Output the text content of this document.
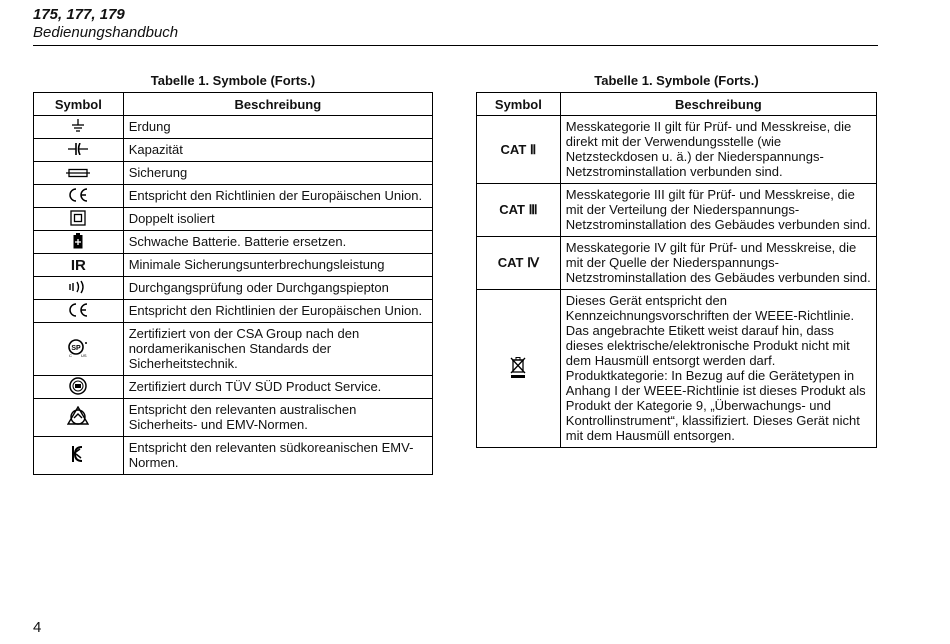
175, 177, 179
Bedienungshandbuch
Tabelle 1. Symbole (Forts.)
Symbol	Beschreibung
	Erdung
	Kapazität
	Sicherung
	Entspricht den Richtlinien der Europäischen Union.
	Doppelt isoliert
	Schwache Batterie. Batterie ersetzen.
IR	Minimale Sicherungsunterbrechungsleistung
	Durchgangsprüfung oder Durchgangspiepton
	Entspricht den Richtlinien der Europäischen Union.

SP
C US	Zertifiziert von der CSA Group nach den nordamerikanischen Standards der Sicherheitstechnik.
	Zertifiziert durch TÜV SÜD Product Service.
	Entspricht den relevanten australischen Sicherheits- und EMV-Normen.
	Entspricht den relevanten südkoreanischen EMV-Normen.
Tabelle 1. Symbole (Forts.)
Symbol	Beschreibung
CAT Ⅱ	Messkategorie II gilt für Prüf- und Messkreise, die direkt mit der Verwendungsstelle (wie Netzsteckdosen u. ä.) der Niederspannungs-Netzstrominstallation verbunden sind.
CAT Ⅲ	Messkategorie III gilt für Prüf- und Messkreise, die mit der Verteilung der Niederspannungs-Netzstrominstallation des Gebäudes verbunden sind.
CAT Ⅳ	Messkategorie IV gilt für Prüf- und Messkreise, die mit der Quelle der Niederspannungs-Netzstrominstallation des Gebäudes verbunden sind.
	Dieses Gerät entspricht den Kennzeichnungsvorschriften der WEEE-Richtlinie. Das angebrachte Etikett weist darauf hin, dass dieses elektrische/elektronische Produkt nicht mit dem Hausmüll entsorgt werden darf. Produktkategorie: In Bezug auf die Gerätetypen in Anhang I der WEEE-Richtlinie ist dieses Produkt als Produkt der Kategorie 9, „Überwachungs- und Kontrollinstrument“, klassifiziert. Dieses Gerät nicht mit dem Hausmüll entsorgen.
4
